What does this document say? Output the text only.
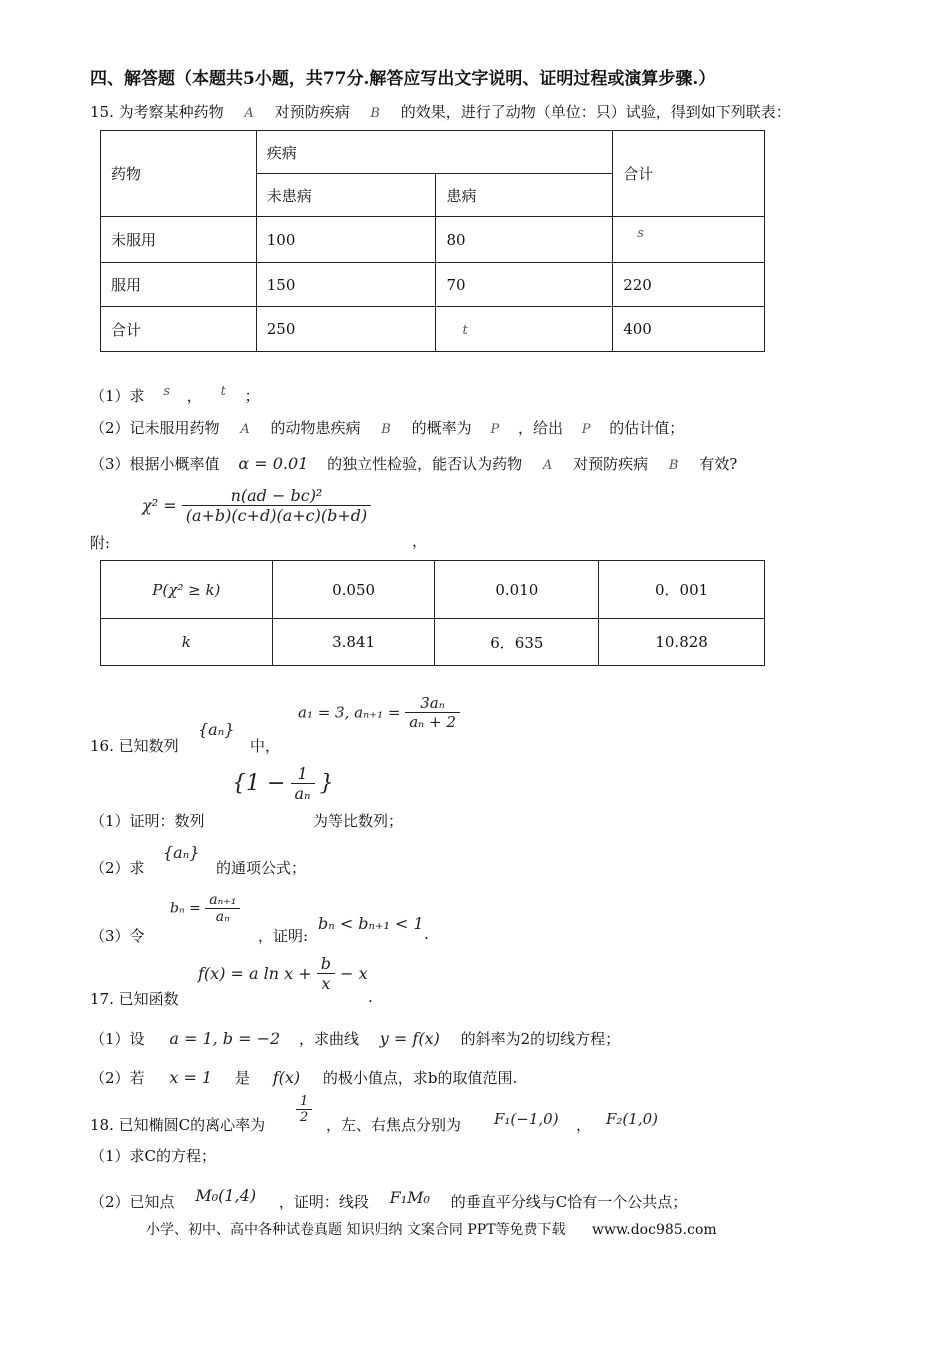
四、解答题（本题共5小题，共77分.解答应写出文字说明、证明过程或演算步骤.）
15. 为考察某种药物 A 对预防疾病 B 的效果，进行了动物（单位：只）试验，得到如下列联表：
药物	疾病		合计
	未患病	患病	
未服用	100	80	s
服用	150	70	220
合计	250	t	400
（1）求 s ， t ；
（2）记未服用药物 A 的动物患疾病 B 的概率为 P ，给出 P 的估计值；
（3）根据小概率值 α = 0.01 的独立性检验，能否认为药物 A 对预防疾病 B 有效?
附:
$\chi^2 = \frac{\text{n(ad − bc)²}}{(a+b)(c+d)(a+c)(b+d)}$
，
P(χ² ≥ k)	0.050	0.010	0．001
k	3.841	6．635	10.828
16. 已知数列
{aₙ}
中，
a₁ = 3, $a_{n+1} = \frac{\text{3aₙ}}{\text{aₙ + 2}}$
（1）证明：数列
{$1 - \frac{1}{\text{aₙ}}$ }
为等比数列；
（2）求
{aₙ}
的通项公式；
（3）令
$b_n = \frac{\text{aₙ₊₁}}{\text{aₙ}}$
，证明:
bₙ < bₙ₊₁ < 1
.
17. 已知函数
f(x) = a $\ln x + \frac{b}{x} - x$
.
（1）设 a = 1, b = −2 ，求曲线 y = f(x) 的斜率为2的切线方程；
（2）若 x = 1 是 f(x) 的极小值点，求b的取值范围.
18. 已知椭圆C的离心率为 $\frac{1}{2}$ ，左、右焦点分别为 F₁(−1,0) ， F₂(1,0)
（1）求C的方程；
（2）已知点 M₀(1,4) ，证明：线段 F₁M₀ 的垂直平分线与C恰有一个公共点；
小学、初中、高中各种试卷真题 知识归纳 文案合同 PPT等免费下载 www.doc985.com
